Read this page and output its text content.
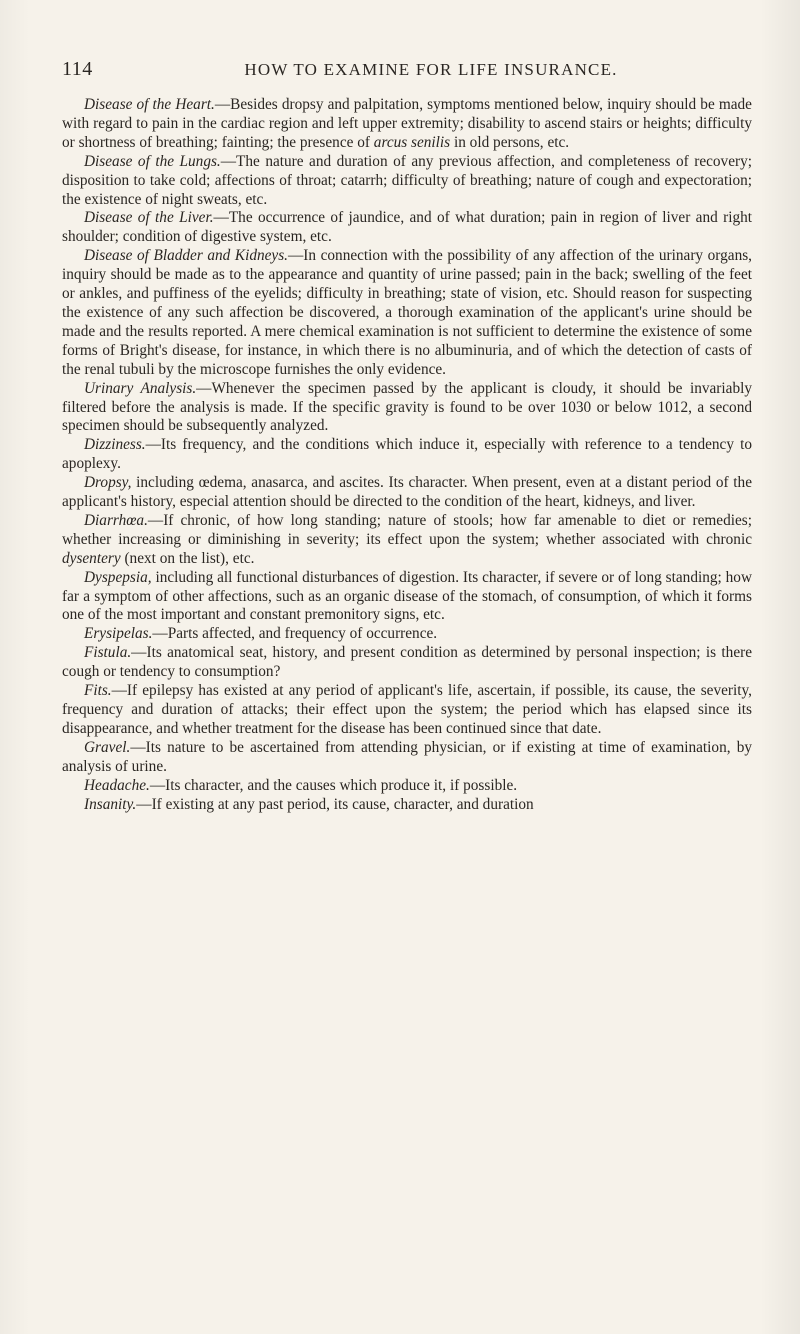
114	HOW TO EXAMINE FOR LIFE INSURANCE.

Disease of the Heart.—Besides dropsy and palpitation, symptoms mentioned below, inquiry should be made with regard to pain in the cardiac region and left upper extremity; disability to ascend stairs or heights; difficulty or shortness of breathing; fainting; the presence of arcus senilis in old persons, etc.

Disease of the Lungs.—The nature and duration of any previous affection, and completeness of recovery; disposition to take cold; affections of throat; catarrh; difficulty of breathing; nature of cough and expectoration; the existence of night sweats, etc.

Disease of the Liver.—The occurrence of jaundice, and of what duration; pain in region of liver and right shoulder; condition of digestive system, etc.

Disease of Bladder and Kidneys.—In connection with the possibility of any affection of the urinary organs, inquiry should be made as to the appearance and quantity of urine passed; pain in the back; swelling of the feet or ankles, and puffiness of the eyelids; difficulty in breathing; state of vision, etc. Should reason for suspecting the existence of any such affection be discovered, a thorough examination of the applicant's urine should be made and the results reported. A mere chemical examination is not sufficient to determine the existence of some forms of Bright's disease, for instance, in which there is no albuminuria, and of which the detection of casts of the renal tubuli by the microscope furnishes the only evidence.

Urinary Analysis.—Whenever the specimen passed by the applicant is cloudy, it should be invariably filtered before the analysis is made. If the specific gravity is found to be over 1030 or below 1012, a second specimen should be subsequently analyzed.

Dizziness.—Its frequency, and the conditions which induce it, especially with reference to a tendency to apoplexy.

Dropsy, including œdema, anasarca, and ascites. Its character. When present, even at a distant period of the applicant's history, especial attention should be directed to the condition of the heart, kidneys, and liver.

Diarrhœa.—If chronic, of how long standing; nature of stools; how far amenable to diet or remedies; whether increasing or diminishing in severity; its effect upon the system; whether associated with chronic dysentery (next on the list), etc.

Dyspepsia, including all functional disturbances of digestion. Its character, if severe or of long standing; how far a symptom of other affections, such as an organic disease of the stomach, of consumption, of which it forms one of the most important and constant premonitory signs, etc.

Erysipelas.—Parts affected, and frequency of occurrence.

Fistula.—Its anatomical seat, history, and present condition as determined by personal inspection; is there cough or tendency to consumption?

Fits.—If epilepsy has existed at any period of applicant's life, ascertain, if possible, its cause, the severity, frequency and duration of attacks; their effect upon the system; the period which has elapsed since its disappearance, and whether treatment for the disease has been continued since that date.

Gravel.—Its nature to be ascertained from attending physician, or if existing at time of examination, by analysis of urine.

Headache.—Its character, and the causes which produce it, if possible.

Insanity.—If existing at any past period, its cause, character, and duration
